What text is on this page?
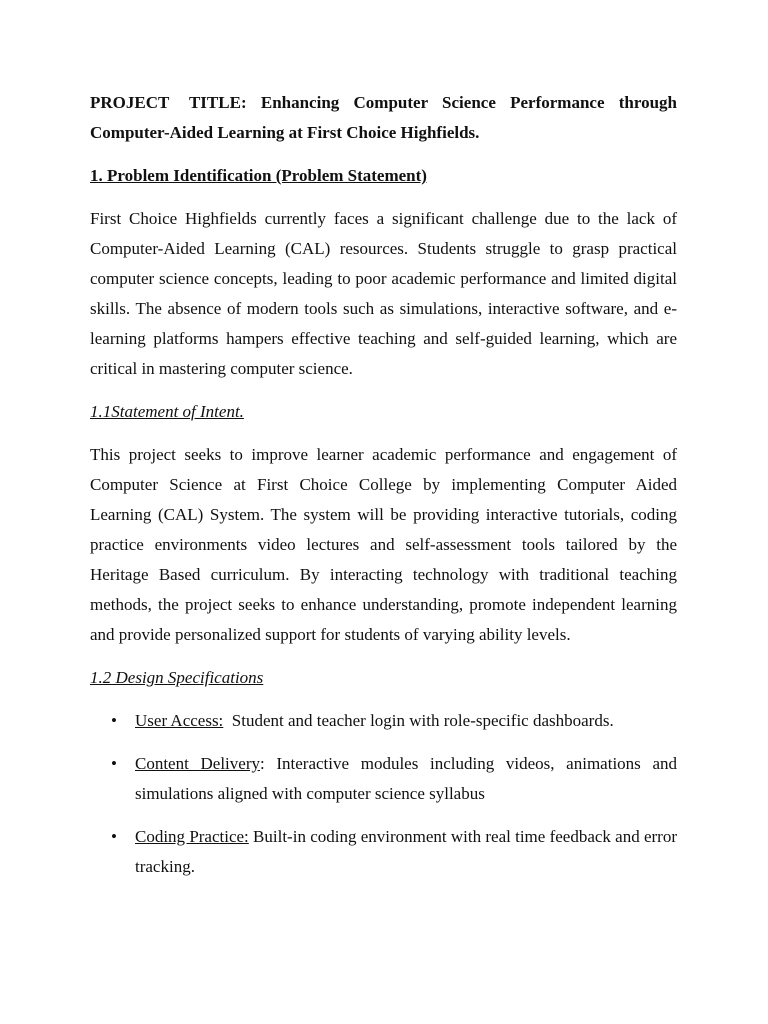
PROJECT TITLE: Enhancing Computer Science Performance through Computer-Aided Learning at First Choice Highfields.

1. Problem Identification (Problem Statement)

First Choice Highfields currently faces a significant challenge due to the lack of Computer-Aided Learning (CAL) resources. Students struggle to grasp practical computer science concepts, leading to poor academic performance and limited digital skills. The absence of modern tools such as simulations, interactive software, and e-learning platforms hampers effective teaching and self-guided learning, which are critical in mastering computer science.

1.1Statement of Intent.

This project seeks to improve learner academic performance and engagement of Computer Science at First Choice College by implementing Computer Aided Learning (CAL) System. The system will be providing interactive tutorials, coding practice environments video lectures and self-assessment tools tailored by the Heritage Based curriculum. By interacting technology with traditional teaching methods, the project seeks to enhance understanding, promote independent learning and provide personalized support for students of varying ability levels.

1.2 Design Specifications

• User Access:  Student and teacher login with role-specific dashboards.
• Content Delivery: Interactive modules including videos, animations and simulations aligned with computer science syllabus
• Coding Practice: Built-in coding environment with real time feedback and error tracking.
